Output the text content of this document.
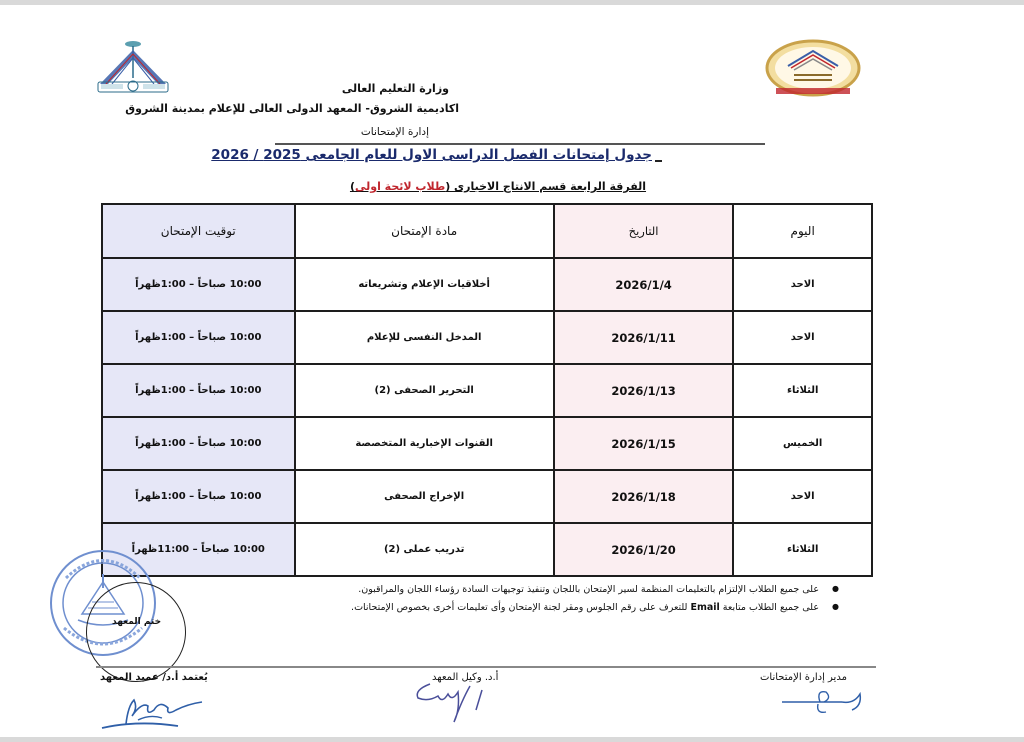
وزارة التعليم العالى
اكاديمية الشروق- المعهد الدولى العالى للإعلام بمدينة الشروق
إدارة الإمتحانات
جدول إمتحانات الفصل الدراسى الاول للعام الجامعى 2025 / 2026
الفرقة الرابعة قسم الانتاج الاخبارى (طلاب لائحة اولى)
اليوم	التاريخ	مادة الإمتحان	توقيت الإمتحان
الاحد	2026/1/4	أخلاقيات الإعلام وتشريعاته	10:00 صباحاً – 1:00ظهراً
الاحد	2026/1/11	المدخل النفسى للإعلام	10:00 صباحاً – 1:00ظهراً
الثلاثاء	2026/1/13	التحرير الصحفى (2)	10:00 صباحاً – 1:00ظهراً
الخميس	2026/1/15	القنوات الإخبارية المتخصصة	10:00 صباحاً – 1:00ظهراً
الاحد	2026/1/18	الإخراج الصحفى	10:00 صباحاً – 1:00ظهراً
الثلاثاء	2026/1/20	تدريب عملى (2)	10:00 صباحاً – 11:00ظهراً
● على جميع الطلاب الإلتزام بالتعليمات المنظمة لسير الإمتحان باللجان وتنفيذ توجيهات السادة رؤساء اللجان والمراقبون.
● على جميع الطلاب متابعة Email للتعرف على رقم الجلوس ومقر لجنة الإمتحان وأى تعليمات أخرى بخصوص الإمتحانات.
ختم المعهد
يُعتمد أ.د/ عميد المعهد	أ.د. وكيل المعهد	مدير إدارة الإمتحانات
